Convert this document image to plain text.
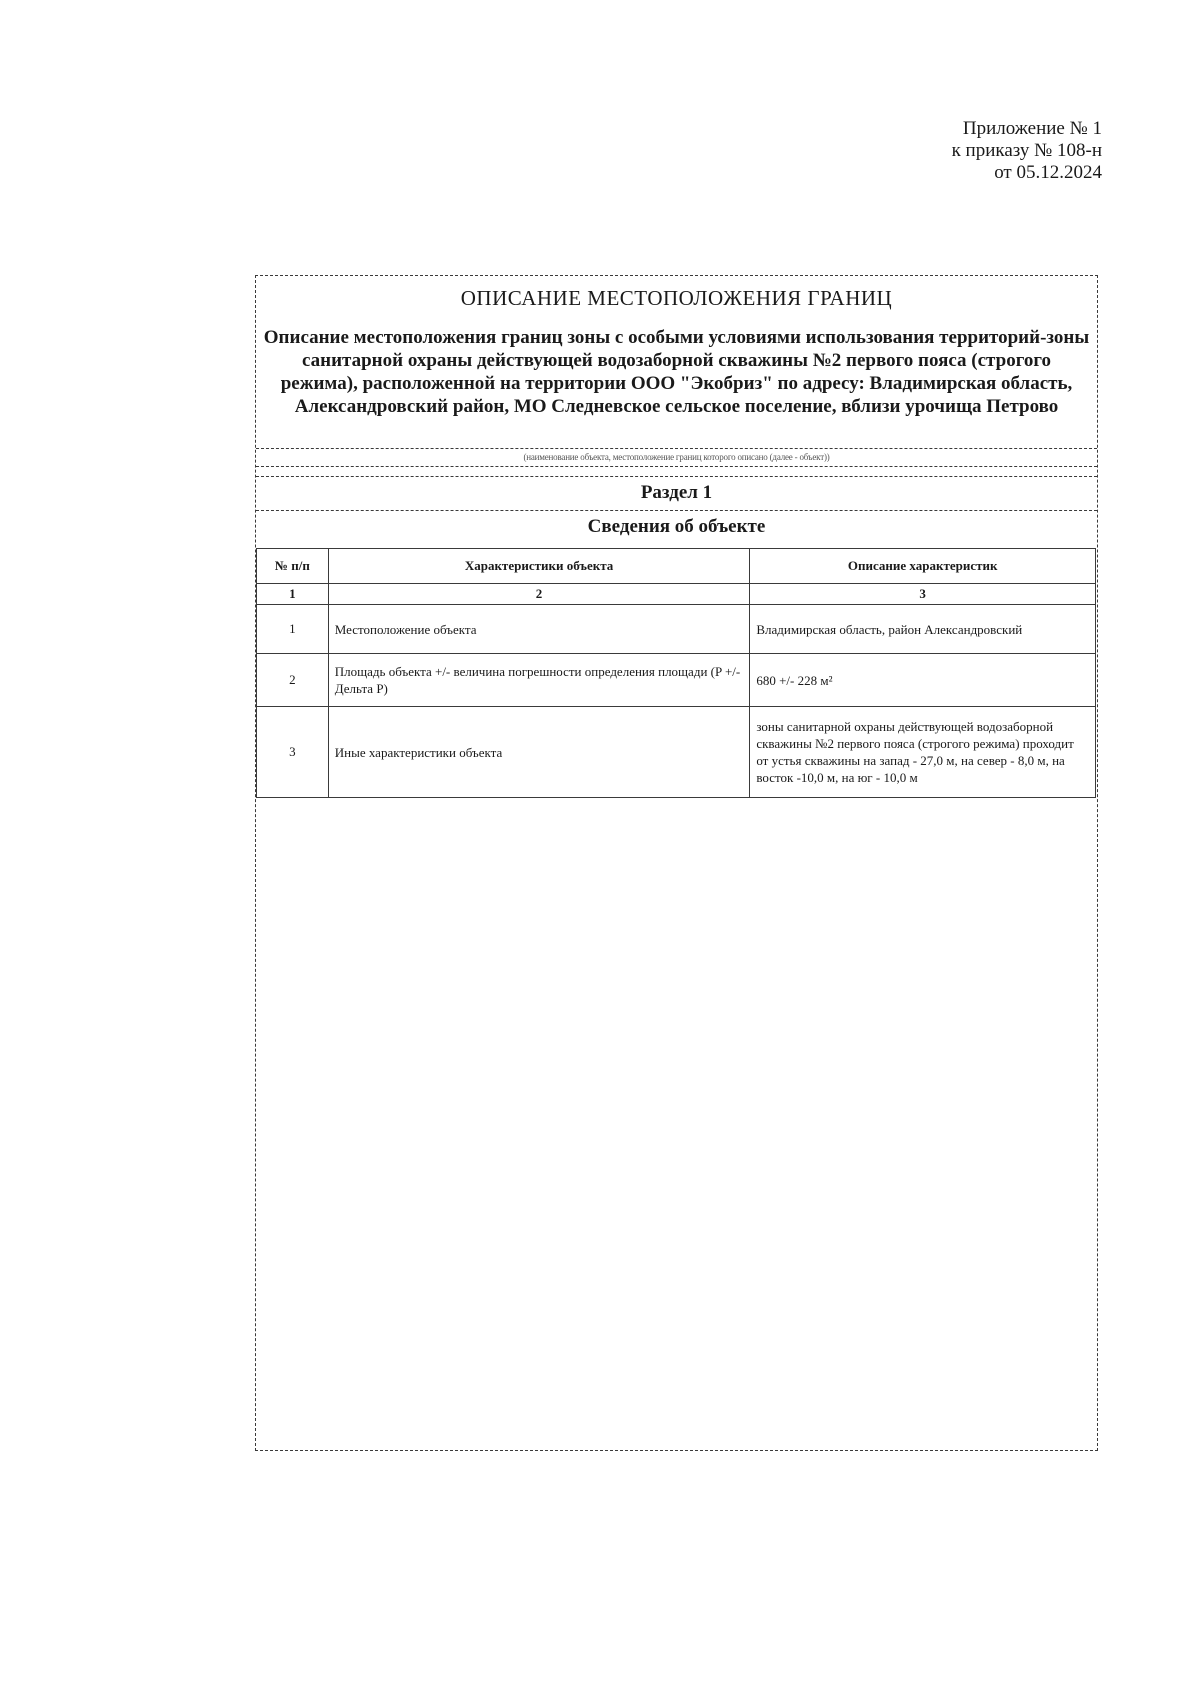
Приложение № 1
к приказу № 108-н
от 05.12.2024
ОПИСАНИЕ МЕСТОПОЛОЖЕНИЯ ГРАНИЦ
Описание местоположения границ зоны с особыми условиями использования территорий-зоны санитарной охраны действующей водозаборной скважины №2 первого пояса (строгого режима), расположенной на территории ООО "Экобриз" по адресу: Владимирская область, Александровский район, МО Следневское сельское поселение, вблизи урочища Петрово
(наименование объекта, местоположение границ которого описано (далее - объект))
Раздел 1
Сведения об объекте
№ п/п	Характеристики объекта	Описание характеристик
1	2	3
1	Местоположение объекта	Владимирская область, район Александровский
2	Площадь объекта +/- величина погрешности определения площади (P +/- Дельта P)	680 +/- 228 м²
3	Иные характеристики объекта	зоны санитарной охраны действующей водозаборной скважины №2 первого пояса (строгого режима) проходит от устья скважины на запад - 27,0 м, на север - 8,0 м, на восток -10,0 м, на юг - 10,0 м
